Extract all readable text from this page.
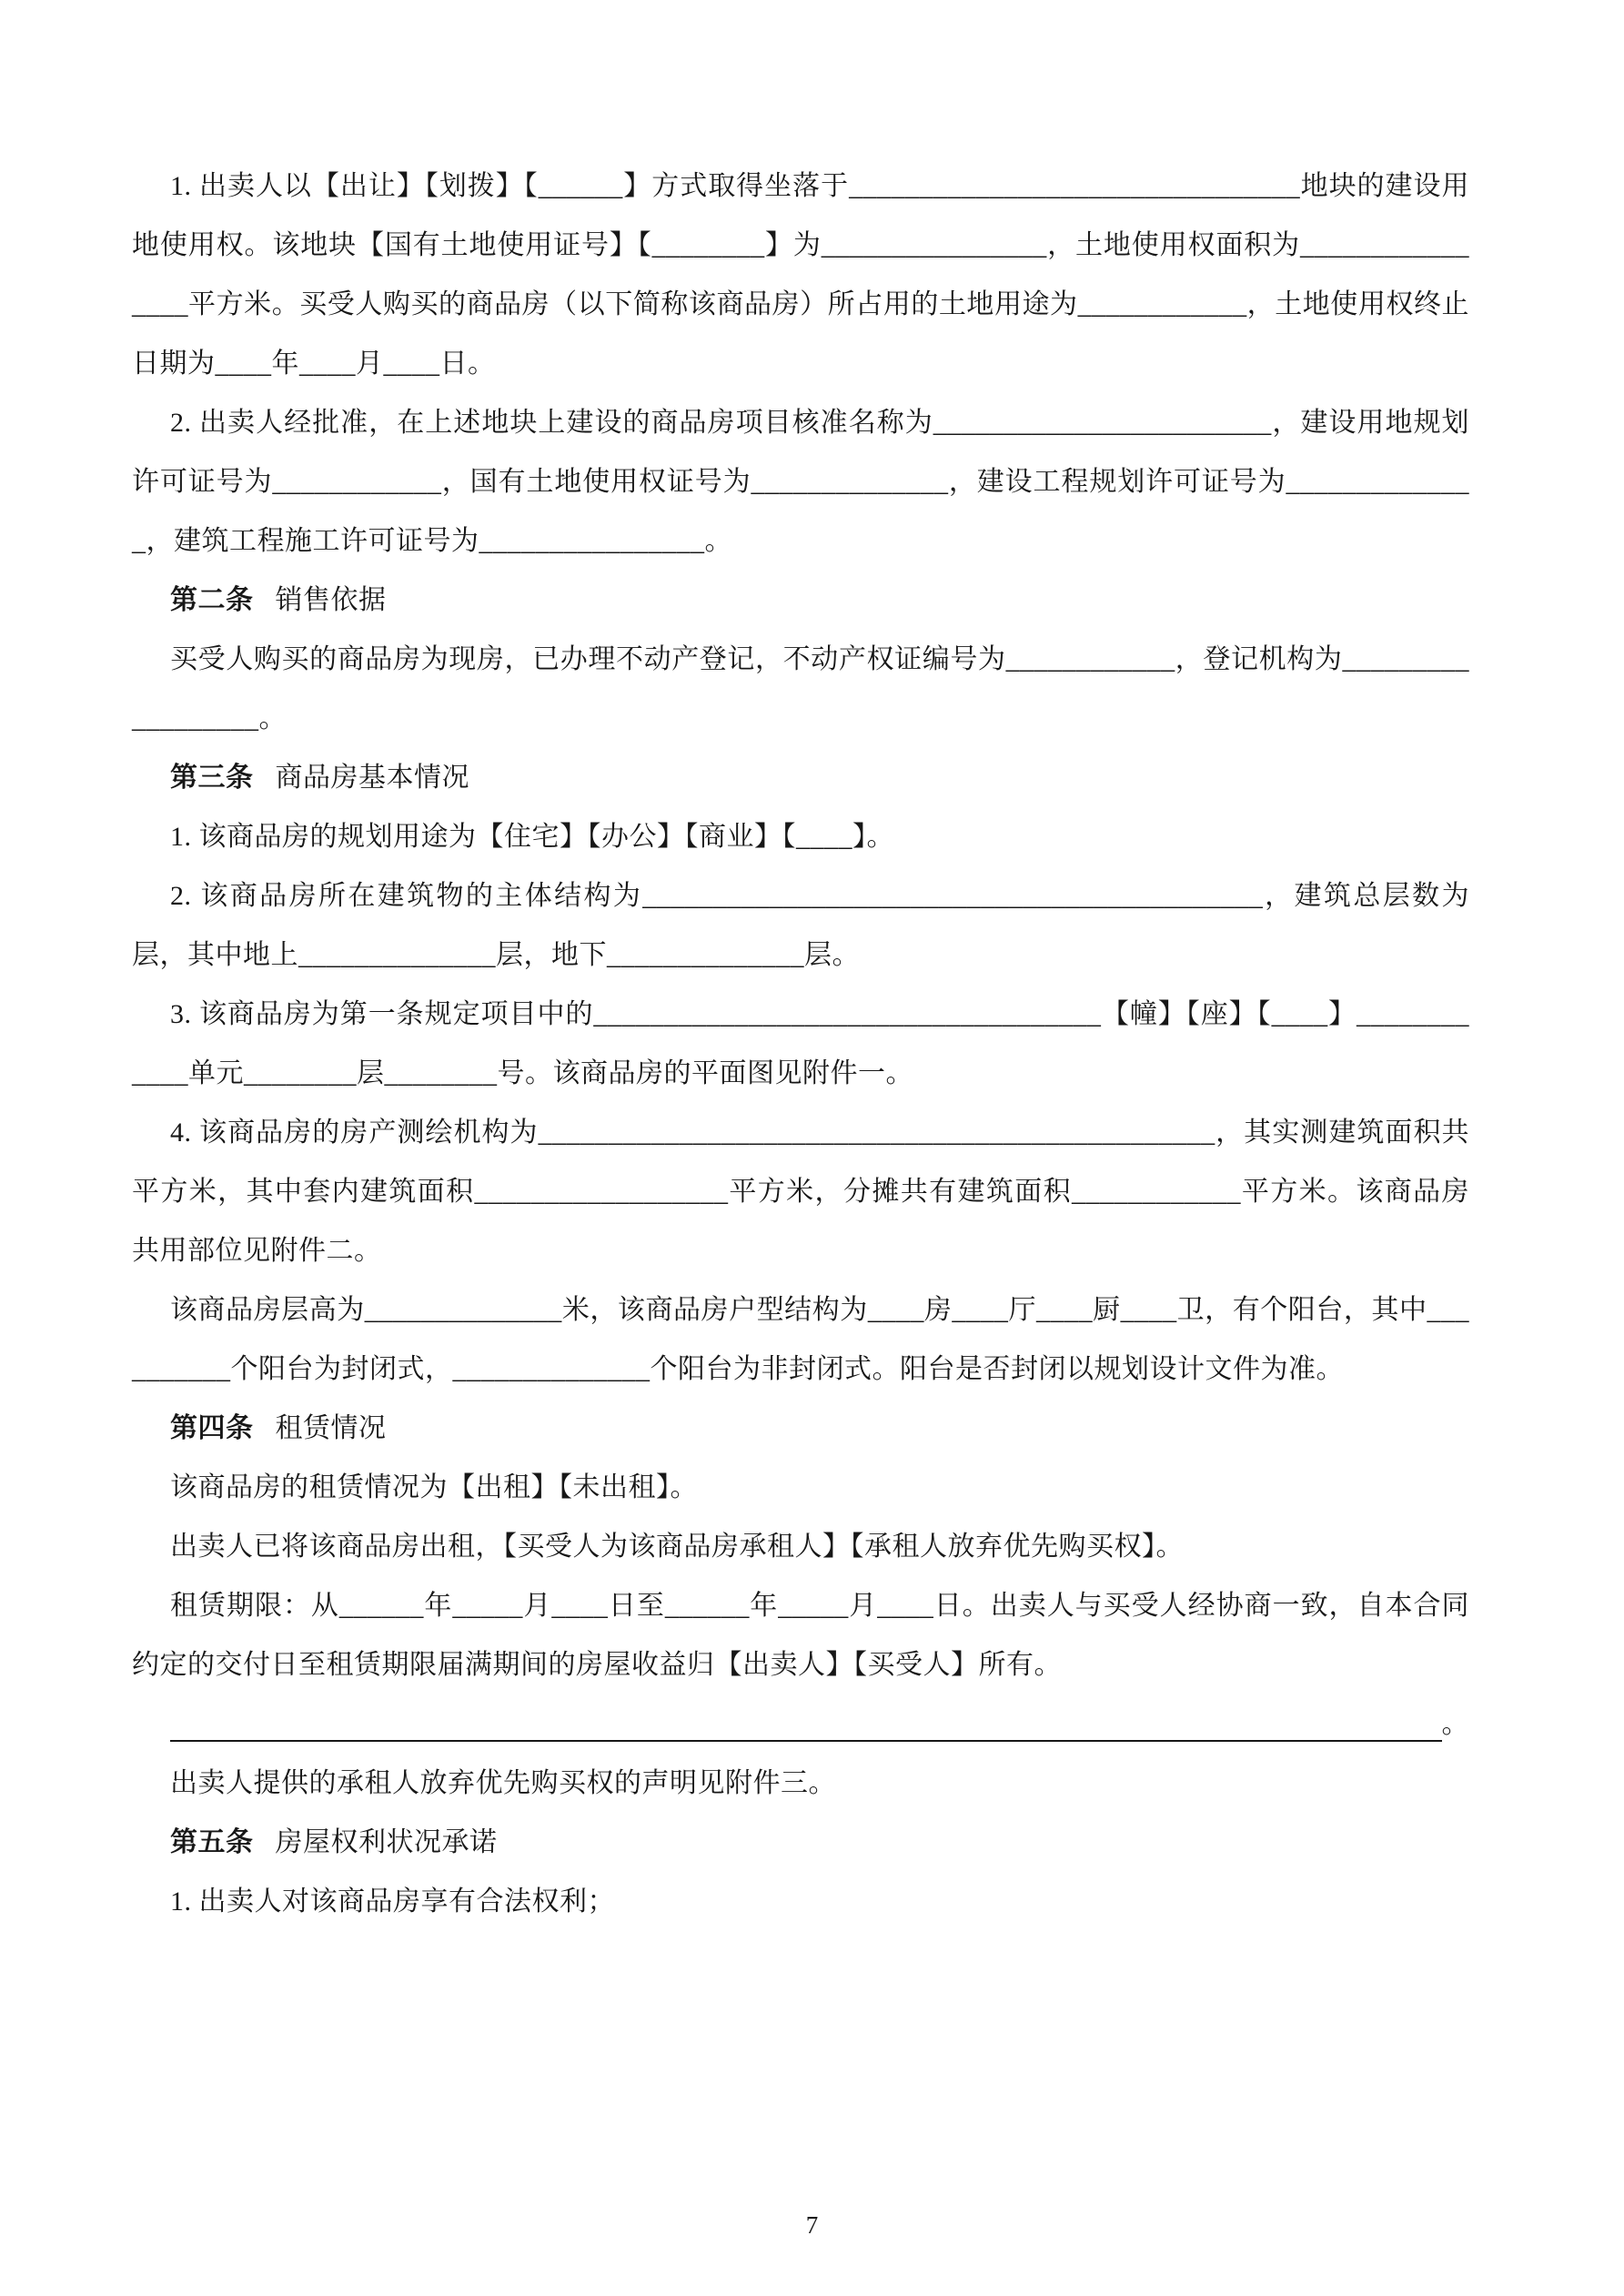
1. 出卖人以【出让】【划拨】【______】方式取得坐落于________________________________地块的建设用地使用权。该地块【国有土地使用证号】【________】为________________，土地使用权面积为________________平方米。买受人购买的商品房（以下简称该商品房）所占用的土地用途为____________，土地使用权终止日期为____年____月____日。

2. 出卖人经批准，在上述地块上建设的商品房项目核准名称为________________________，建设用地规划许可证号为____________，国有土地使用权证号为______________，建设工程规划许可证号为______________，建筑工程施工许可证号为________________。

第二条 销售依据

买受人购买的商品房为现房，已办理不动产登记，不动产权证编号为____________，登记机构为__________________。

第三条 商品房基本情况

1. 该商品房的规划用途为【住宅】【办公】【商业】【____】。

2. 该商品房所在建筑物的主体结构为____________________________________________，建筑总层数为层，其中地上______________层，地下______________层。

3. 该商品房为第一条规定项目中的____________________________________【幢】【座】【____】____________单元________层________号。该商品房的平面图见附件一。

4. 该商品房的房产测绘机构为________________________________________________，其实测建筑面积共平方米，其中套内建筑面积__________________平方米，分摊共有建筑面积____________平方米。该商品房共用部位见附件二。

该商品房层高为______________米，该商品房户型结构为____房____厅____厨____卫，有个阳台，其中__________个阳台为封闭式，______________个阳台为非封闭式。阳台是否封闭以规划设计文件为准。

第四条 租赁情况

该商品房的租赁情况为【出租】【未出租】。

出卖人已将该商品房出租，【买受人为该商品房承租人】【承租人放弃优先购买权】。

租赁期限：从______年_____月____日至______年_____月____日。出卖人与买受人经协商一致，自本合同约定的交付日至租赁期限届满期间的房屋收益归【出卖人】【买受人】所有。

。

出卖人提供的承租人放弃优先购买权的声明见附件三。

第五条 房屋权利状况承诺

1. 出卖人对该商品房享有合法权利；

7
